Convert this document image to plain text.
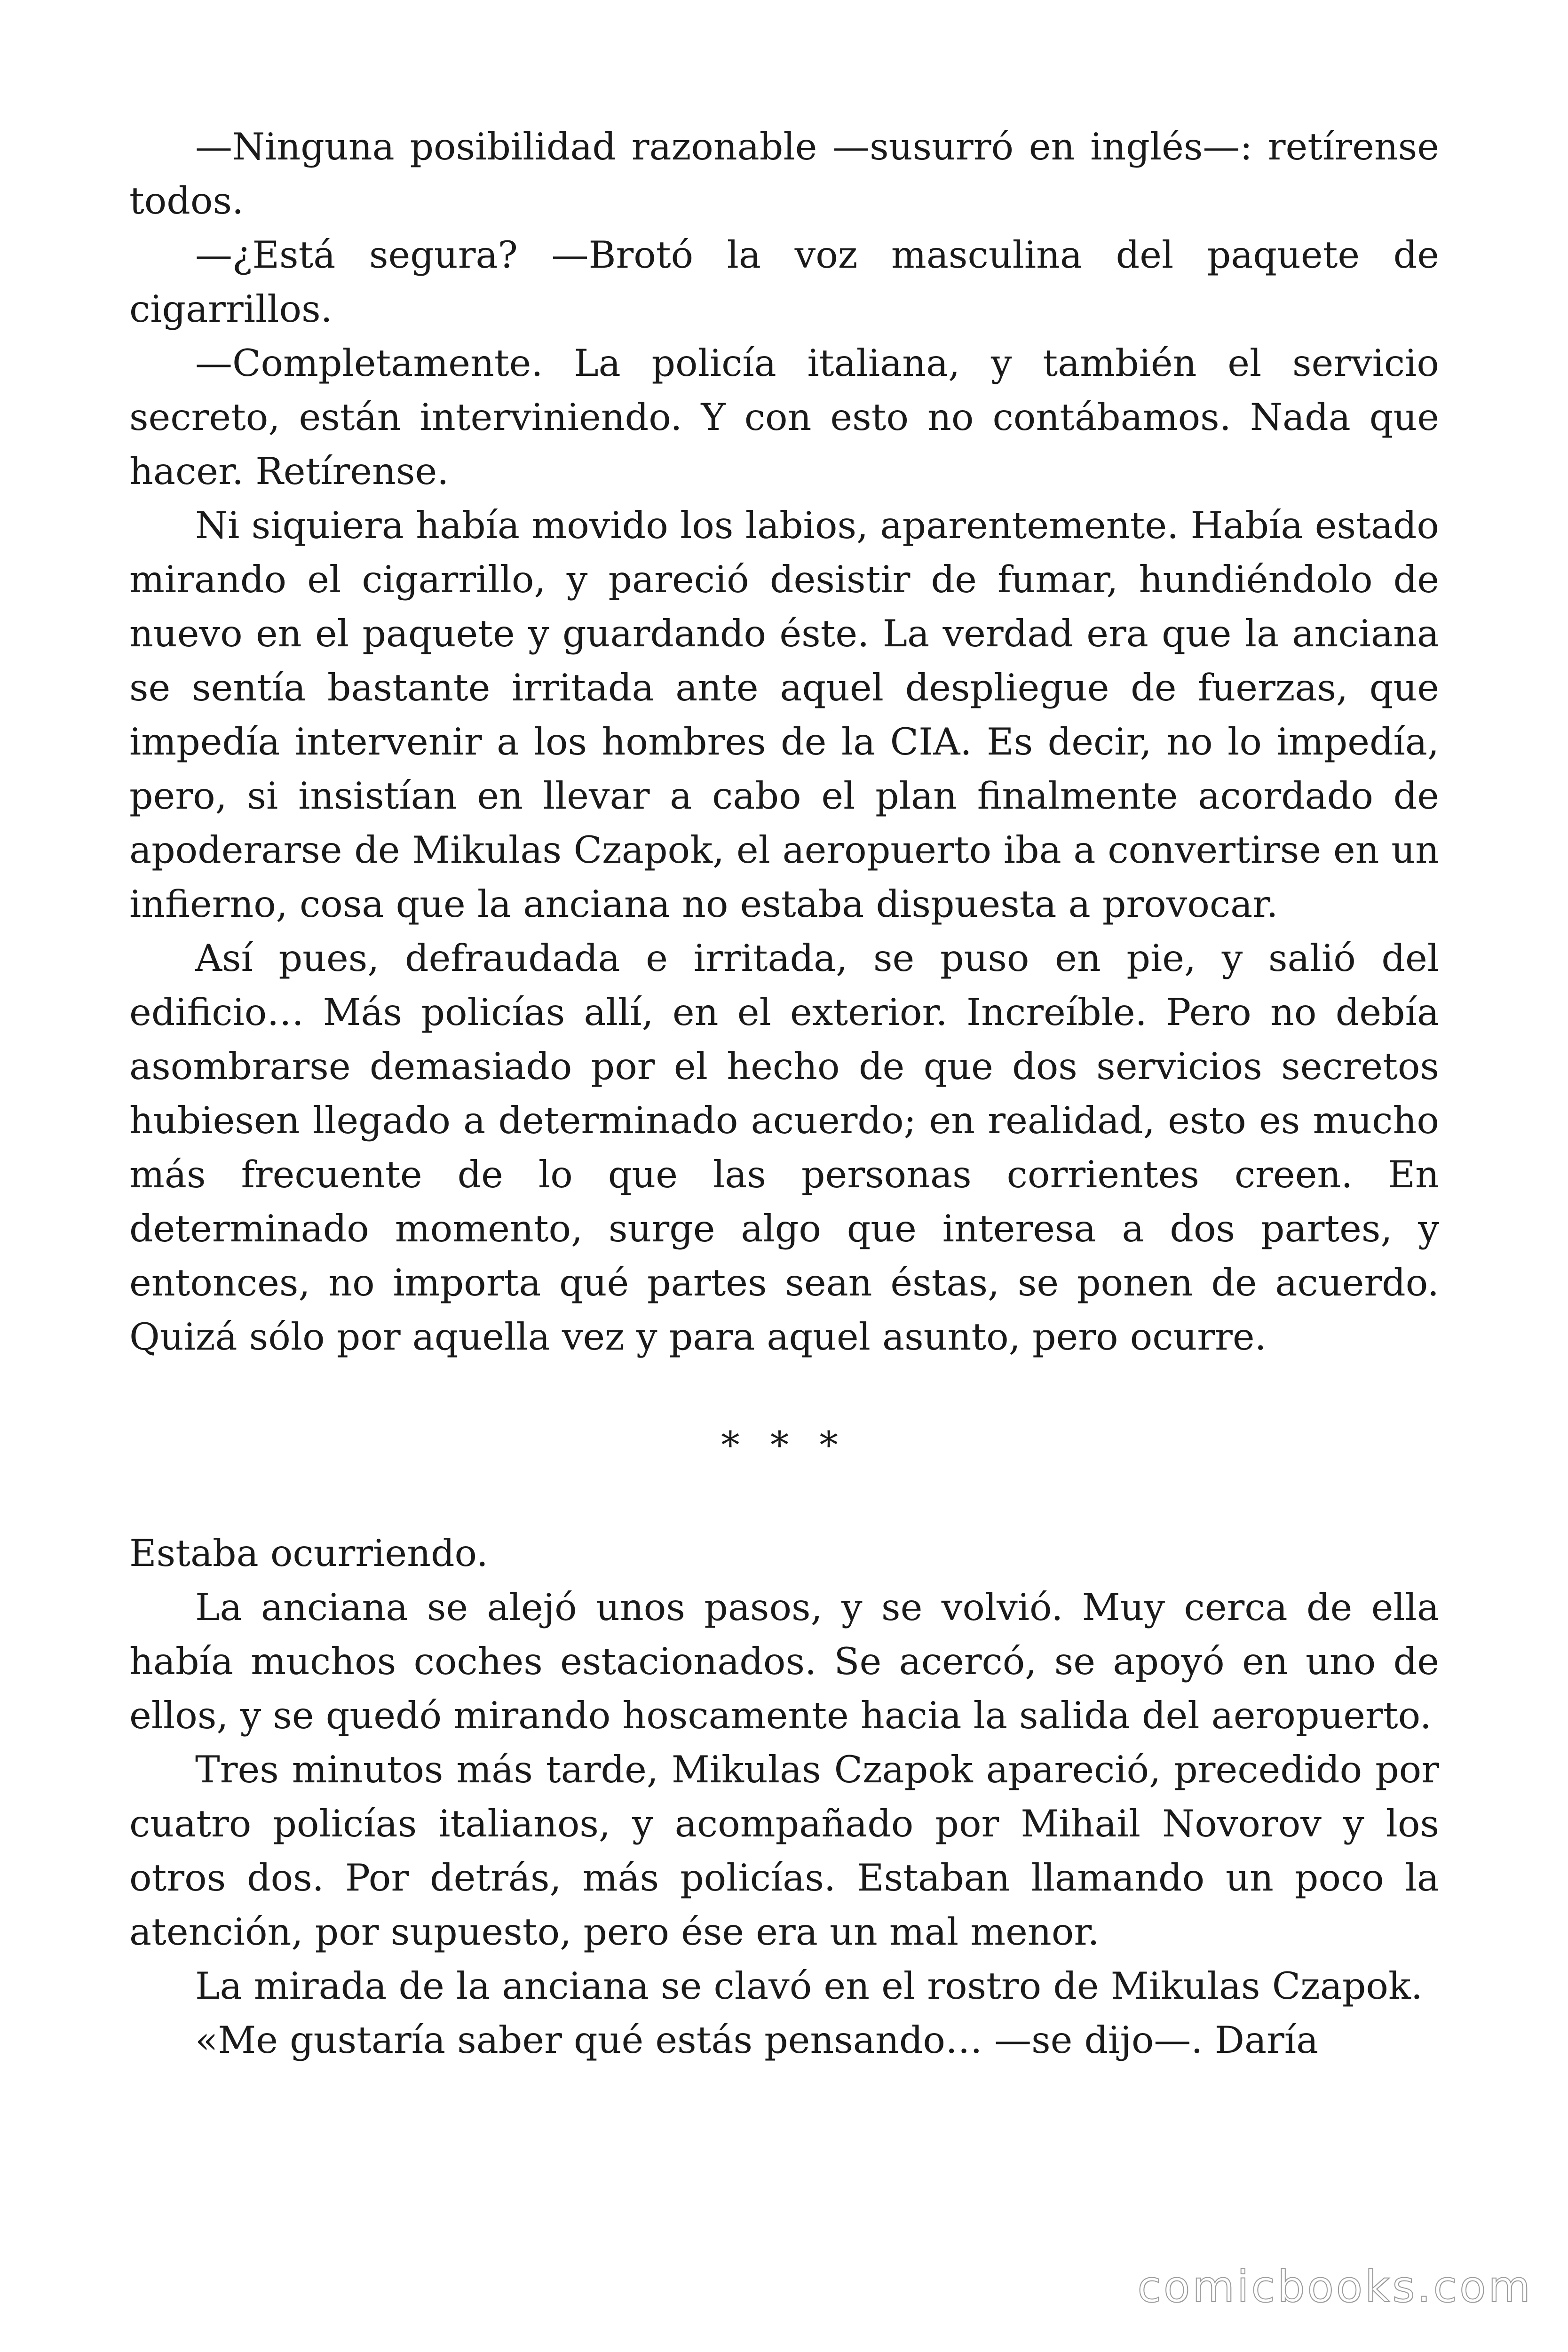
—Ninguna posibilidad razonable —susurró en inglés—: retírense todos.

—¿Está segura? —Brotó la voz masculina del paquete de cigarrillos.

—Completamente. La policía italiana, y también el servicio secreto, están interviniendo. Y con esto no contábamos. Nada que hacer. Retírense.

Ni siquiera había movido los labios, aparentemente. Había estado mirando el cigarrillo, y pareció desistir de fumar, hundiéndolo de nuevo en el paquete y guardando éste. La verdad era que la anciana se sentía bastante irritada ante aquel despliegue de fuerzas, que impedía intervenir a los hombres de la CIA. Es decir, no lo impedía, pero, si insistían en llevar a cabo el plan finalmente acordado de apoderarse de Mikulas Czapok, el aeropuerto iba a convertirse en un infierno, cosa que la anciana no estaba dispuesta a provocar.

Así pues, defraudada e irritada, se puso en pie, y salió del edificio… Más policías allí, en el exterior. Increíble. Pero no debía asombrarse demasiado por el hecho de que dos servicios secretos hubiesen llegado a determinado acuerdo; en realidad, esto es mucho más frecuente de lo que las personas corrientes creen. En determinado momento, surge algo que interesa a dos partes, y entonces, no importa qué partes sean éstas, se ponen de acuerdo. Quizá sólo por aquella vez y para aquel asunto, pero ocurre.

* * *

Estaba ocurriendo.

La anciana se alejó unos pasos, y se volvió. Muy cerca de ella había muchos coches estacionados. Se acercó, se apoyó en uno de ellos, y se quedó mirando hoscamente hacia la salida del aeropuerto.

Tres minutos más tarde, Mikulas Czapok apareció, precedido por cuatro policías italianos, y acompañado por Mihail Novorov y los otros dos. Por detrás, más policías. Estaban llamando un poco la atención, por supuesto, pero ése era un mal menor.

La mirada de la anciana se clavó en el rostro de Mikulas Czapok.

«Me gustaría saber qué estás pensando… —se dijo—. Daría

comicbooks.com
